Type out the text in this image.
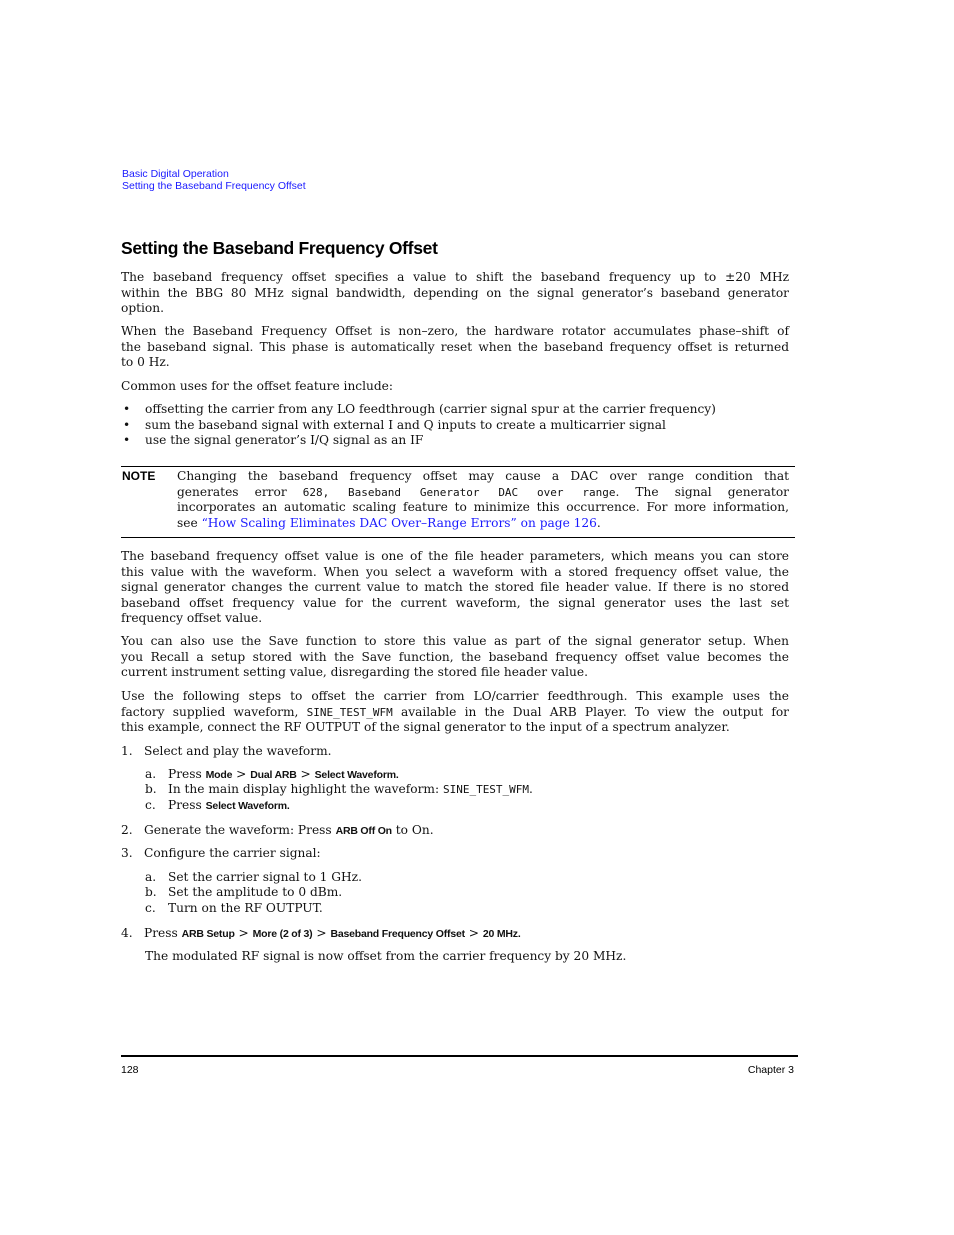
Basic Digital Operation
Setting the Baseband Frequency Offset
Setting the Baseband Frequency Offset

The baseband frequency offset specifies a value to shift the baseband frequency up to ±20 MHz
within the BBG 80 MHz signal bandwidth, depending on the signal generator’s baseband generator
option.

When the Baseband Frequency Offset is non–zero, the hardware rotator accumulates phase–shift of
the baseband signal. This phase is automatically reset when the baseband frequency offset is returned
to 0 Hz.

Common uses for the offset feature include:

• offsetting the carrier from any LO feedthrough (carrier signal spur at the carrier frequency)
• sum the baseband signal with external I and Q inputs to create a multicarrier signal
• use the signal generator’s I/Q signal as an IF
NOTE Changing the baseband frequency offset may cause a DAC over range condition that
generates error 628, Baseband Generator DAC over range. The signal generator
incorporates an automatic scaling feature to minimize this occurrence. For more information,
see “How Scaling Eliminates DAC Over–Range Errors” on page 126.

The baseband frequency offset value is one of the file header parameters, which means you can store
this value with the waveform. When you select a waveform with a stored frequency offset value, the
signal generator changes the current value to match the stored file header value. If there is no stored
baseband offset frequency value for the current waveform, the signal generator uses the last set
frequency offset value.

You can also use the Save function to store this value as part of the signal generator setup. When
you Recall a setup stored with the Save function, the baseband frequency offset value becomes the
current instrument setting value, disregarding the stored file header value.

Use the following steps to offset the carrier from LO/carrier feedthrough. This example uses the
factory supplied waveform, SINE_TEST_WFM available in the Dual ARB Player. To view the output for
this example, connect the RF OUTPUT of the signal generator to the input of a spectrum analyzer.

1. Select and play the waveform.
a. Press Mode > Dual ARB > Select Waveform.
b. In the main display highlight the waveform: SINE_TEST_WFM.
c. Press Select Waveform.
2. Generate the waveform: Press ARB Off On to On.
3. Configure the carrier signal:
a. Set the carrier signal to 1 GHz.
b. Set the amplitude to 0 dBm.
c. Turn on the RF OUTPUT.
4. Press ARB Setup > More (2 of 3) > Baseband Frequency Offset > 20 MHz.
The modulated RF signal is now offset from the carrier frequency by 20 MHz.
128	Chapter 3
